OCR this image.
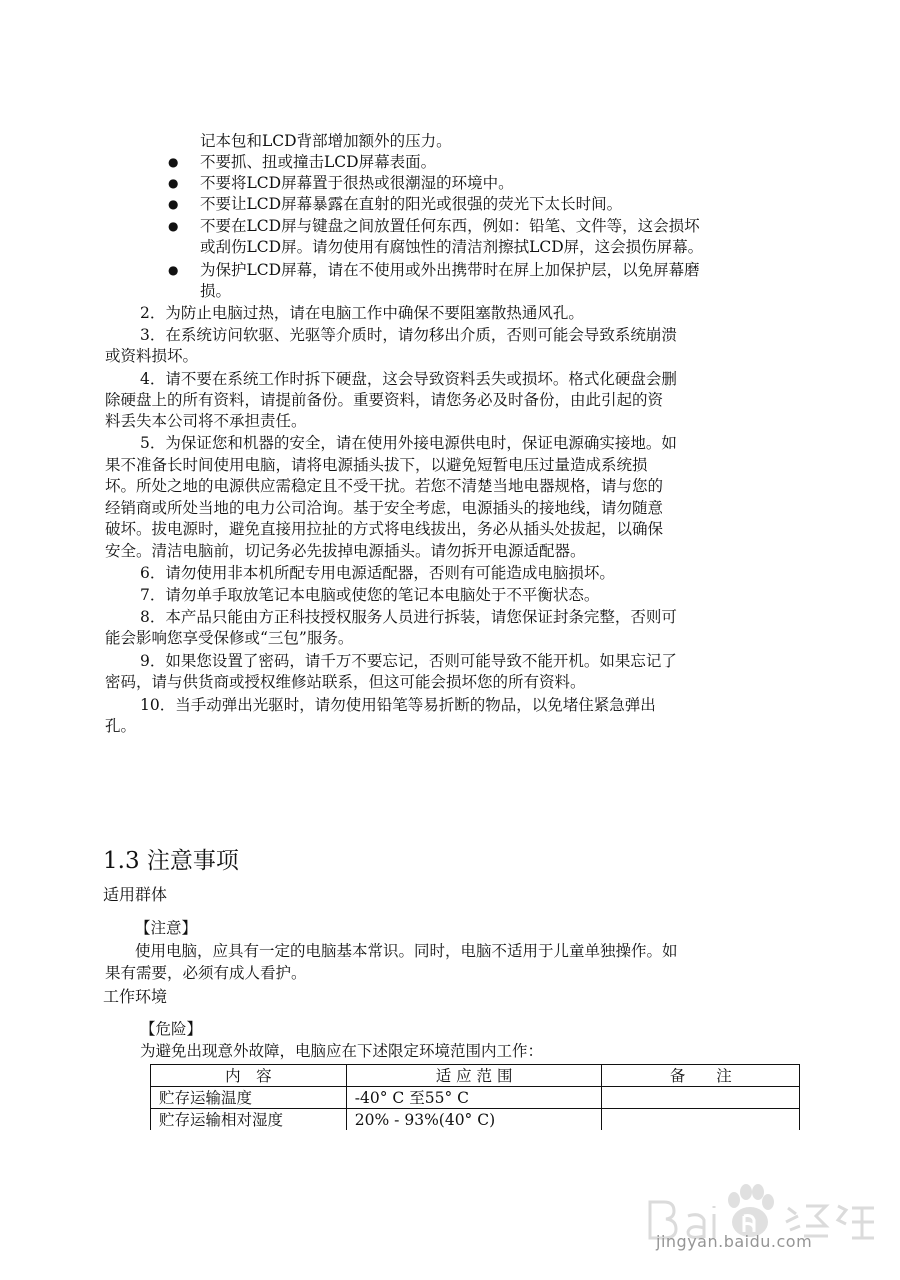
记本包和LCD背部增加额外的压力。
● 不要抓、扭或撞击LCD屏幕表面。
● 不要将LCD屏幕置于很热或很潮湿的环境中。
● 不要让LCD屏幕暴露在直射的阳光或很强的荧光下太长时间。
● 不要在LCD屏与键盘之间放置任何东西，例如：铅笔、文件等，这会损坏
或刮伤LCD屏。请勿使用有腐蚀性的清洁剂擦拭LCD屏，这会损伤屏幕。
● 为保护LCD屏幕，请在不使用或外出携带时在屏上加保护层，以免屏幕磨
损。
2．为防止电脑过热，请在电脑工作中确保不要阻塞散热通风孔。
3．在系统访问软驱、光驱等介质时，请勿移出介质，否则可能会导致系统崩溃
或资料损坏。
4．请不要在系统工作时拆下硬盘，这会导致资料丢失或损坏。格式化硬盘会删
除硬盘上的所有资料，请提前备份。重要资料，请您务必及时备份，由此引起的资
料丢失本公司将不承担责任。
5．为保证您和机器的安全，请在使用外接电源供电时，保证电源确实接地。如
果不准备长时间使用电脑，请将电源插头拔下，以避免短暂电压过量造成系统损
坏。所处之地的电源供应需稳定且不受干扰。若您不清楚当地电器规格，请与您的
经销商或所处当地的电力公司洽询。基于安全考虑，电源插头的接地线，请勿随意
破坏。拔电源时，避免直接用拉扯的方式将电线拔出，务必从插头处拔起，以确保
安全。清洁电脑前，切记务必先拔掉电源插头。请勿拆开电源适配器。
6．请勿使用非本机所配专用电源适配器，否则有可能造成电脑损坏。
7．请勿单手取放笔记本电脑或使您的笔记本电脑处于不平衡状态。
8．本产品只能由方正科技授权服务人员进行拆装，请您保证封条完整，否则可
能会影响您享受保修或“三包”服务。
9．如果您设置了密码，请千万不要忘记，否则可能导致不能开机。如果忘记了
密码，请与供货商或授权维修站联系，但这可能会损坏您的所有资料。
10．当手动弹出光驱时，请勿使用铅笔等易折断的物品，以免堵住紧急弹出
孔。
1.3 注意事项
适用群体
【注意】
使用电脑，应具有一定的电脑基本常识。同时，电脑不适用于儿童单独操作。如
果有需要，必须有成人看护。
工作环境
【危险】
为避免出现意外故障，电脑应在下述限定环境范围内工作：
内　容	适 应 范 围	备　　注
贮存运输温度	-40° C 至55° C	
贮存运输相对湿度	20% - 93%(40° C)	
jingyan.baidu.com
